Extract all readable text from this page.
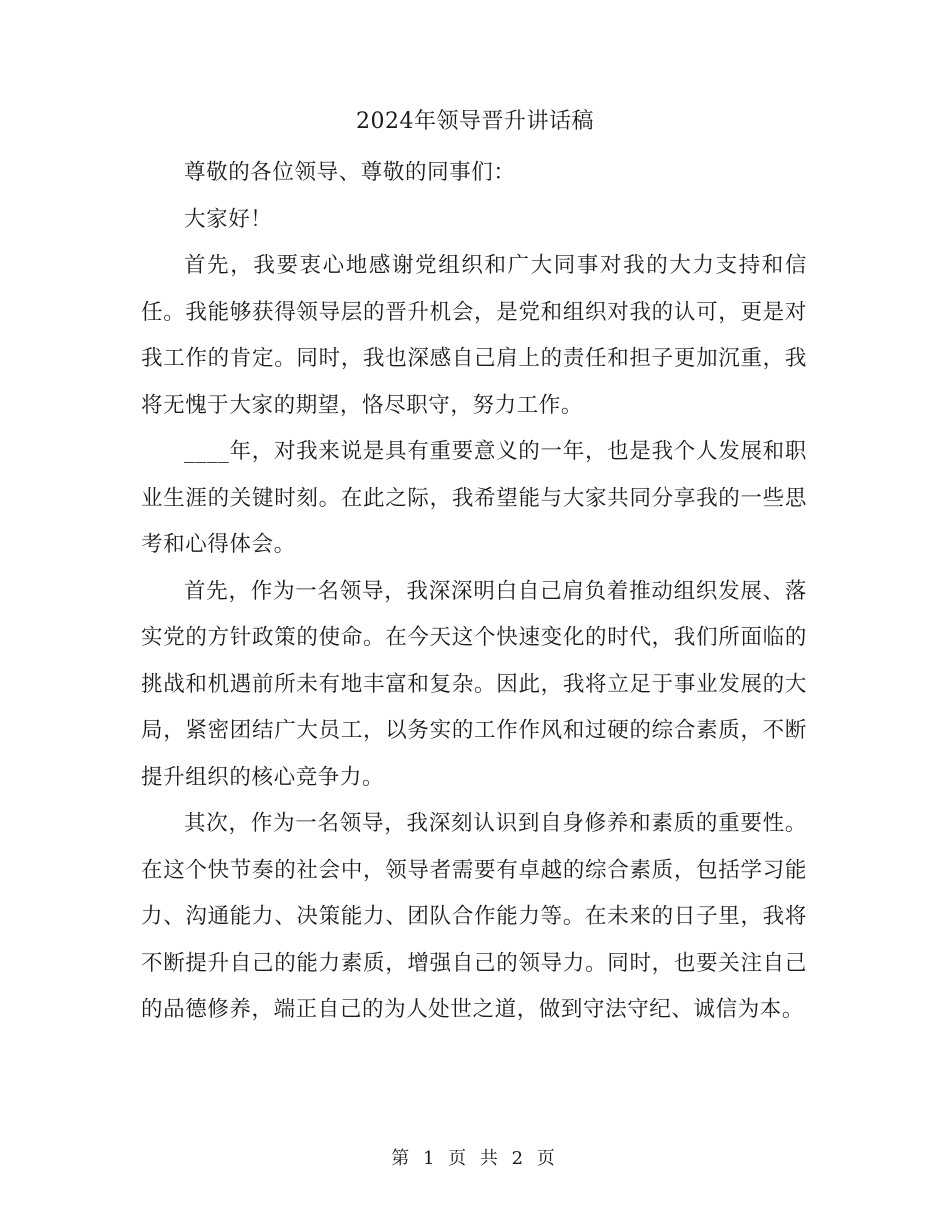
2024年领导晋升讲话稿

尊敬的各位领导、尊敬的同事们：

大家好！

首先，我要衷心地感谢党组织和广大同事对我的大力支持和信任。我能够获得领导层的晋升机会，是党和组织对我的认可，更是对我工作的肯定。同时，我也深感自己肩上的责任和担子更加沉重，我将无愧于大家的期望，恪尽职守，努力工作。

____年，对我来说是具有重要意义的一年，也是我个人发展和职业生涯的关键时刻。在此之际，我希望能与大家共同分享我的一些思考和心得体会。

首先，作为一名领导，我深深明白自己肩负着推动组织发展、落实党的方针政策的使命。在今天这个快速变化的时代，我们所面临的挑战和机遇前所未有地丰富和复杂。因此，我将立足于事业发展的大局，紧密团结广大员工，以务实的工作作风和过硬的综合素质，不断提升组织的核心竞争力。

其次，作为一名领导，我深刻认识到自身修养和素质的重要性。在这个快节奏的社会中，领导者需要有卓越的综合素质，包括学习能力、沟通能力、决策能力、团队合作能力等。在未来的日子里，我将不断提升自己的能力素质，增强自己的领导力。同时，也要关注自己的品德修养，端正自己的为人处世之道，做到守法守纪、诚信为本。

第 1 页 共 2 页
